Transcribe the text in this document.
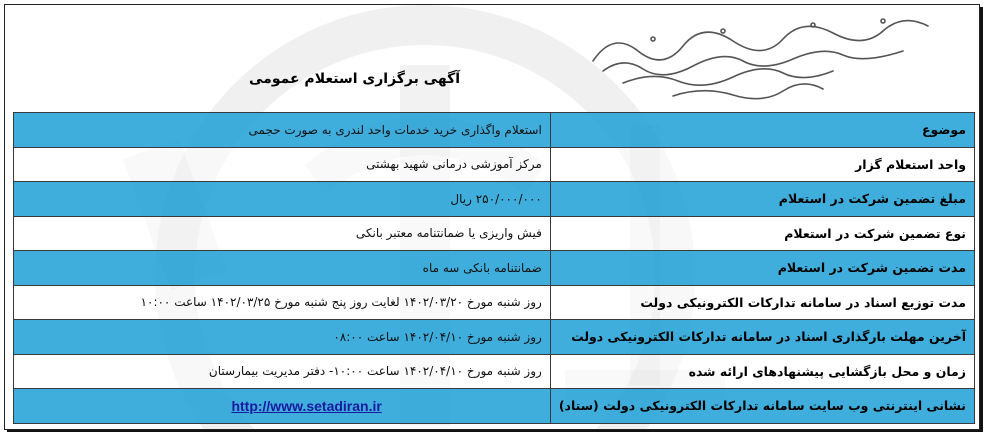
آگهی برگزاری استعلام عمومی
موضوع	استعلام واگذاری خرید خدمات واحد لندری به صورت حجمی
واحد استعلام گزار	مرکز آموزشی درمانی شهید بهشتی
مبلغ تضمین شرکت در استعلام	۲۵۰/۰۰۰/۰۰۰ ریال
نوع تضمین شرکت در استعلام	فیش واریزی یا ضمانتنامه معتبر بانکی
مدت تضمین شرکت در استعلام	ضمانتنامه بانکی سه ماه
مدت توزیع اسناد در سامانه تدارکات الکترونیکی دولت	روز شنبه مورخ ۱۴۰۲/۰۳/۲۰ لغایت روز پنج شنبه مورخ ۱۴۰۲/۰۳/۲۵ ساعت ۱۰:۰۰
آخرین مهلت بارگذاری اسناد در سامانه تدارکات الکترونیکی دولت	روز شنبه مورخ ۱۴۰۲/۰۴/۱۰ ساعت ۰۸:۰۰
زمان و محل بازگشایی پیشنهادهای ارائه شده	روز شنبه مورخ ۱۴۰۲/۰۴/۱۰ ساعت ۱۰:۰۰- دفتر مدیریت بیمارستان
نشانی اینترنتی وب سایت سامانه تدارکات الکترونیکی دولت (ستاد)	http://www.setadiran.ir
